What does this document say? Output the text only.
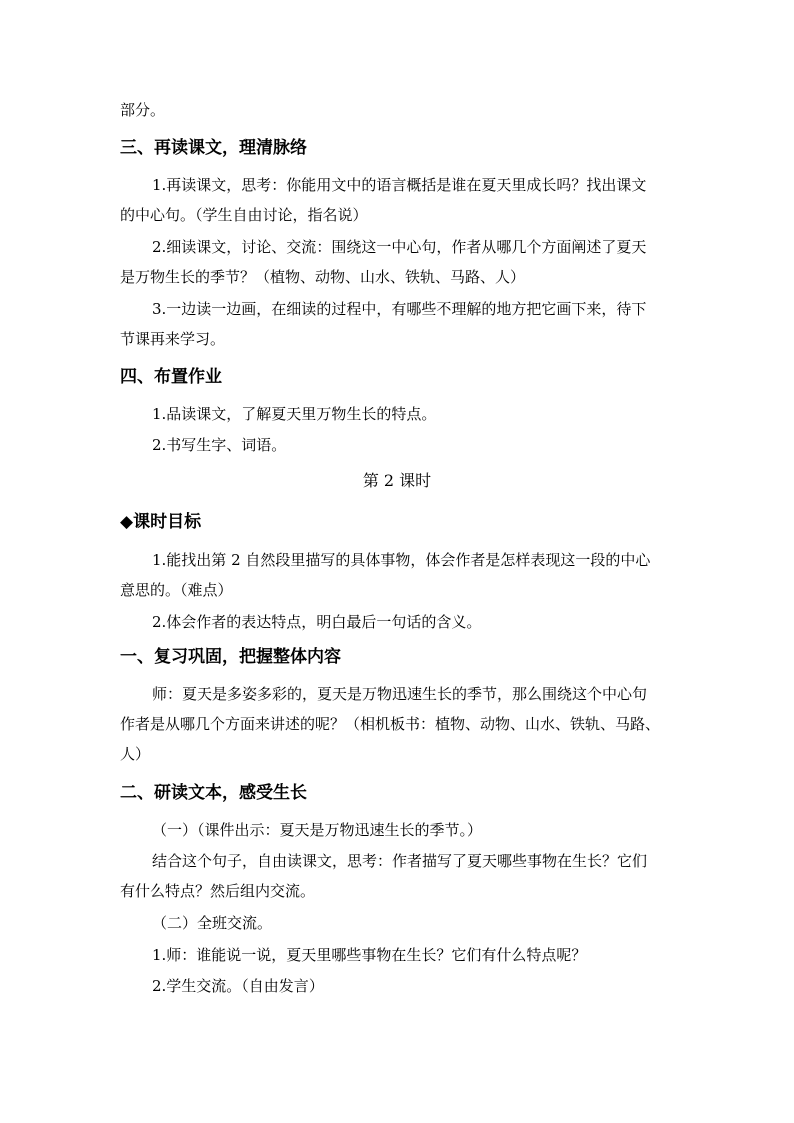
部分。
三、再读课文，理清脉络
1.再读课文，思考：你能用文中的语言概括是谁在夏天里成长吗？找出课文
的中心句。（学生自由讨论，指名说）
2.细读课文，讨论、交流：围绕这一中心句，作者从哪几个方面阐述了夏天
是万物生长的季节？（植物、动物、山水、铁轨、马路、人）
3.一边读一边画，在细读的过程中，有哪些不理解的地方把它画下来，待下
节课再来学习。
四、布置作业
1.品读课文，了解夏天里万物生长的特点。
2.书写生字、词语。
第 2 课时
◆课时目标
1.能找出第 2 自然段里描写的具体事物，体会作者是怎样表现这一段的中心
意思的。（难点）
2.体会作者的表达特点，明白最后一句话的含义。
一、复习巩固，把握整体内容
师：夏天是多姿多彩的，夏天是万物迅速生长的季节，那么围绕这个中心句
作者是从哪几个方面来讲述的呢？（相机板书：植物、动物、山水、铁轨、马路、
人）
二、研读文本，感受生长
（一）（课件出示：夏天是万物迅速生长的季节。）
结合这个句子，自由读课文，思考：作者描写了夏天哪些事物在生长？它们
有什么特点？然后组内交流。
（二）全班交流。
1.师：谁能说一说，夏天里哪些事物在生长？它们有什么特点呢？
2.学生交流。（自由发言）
